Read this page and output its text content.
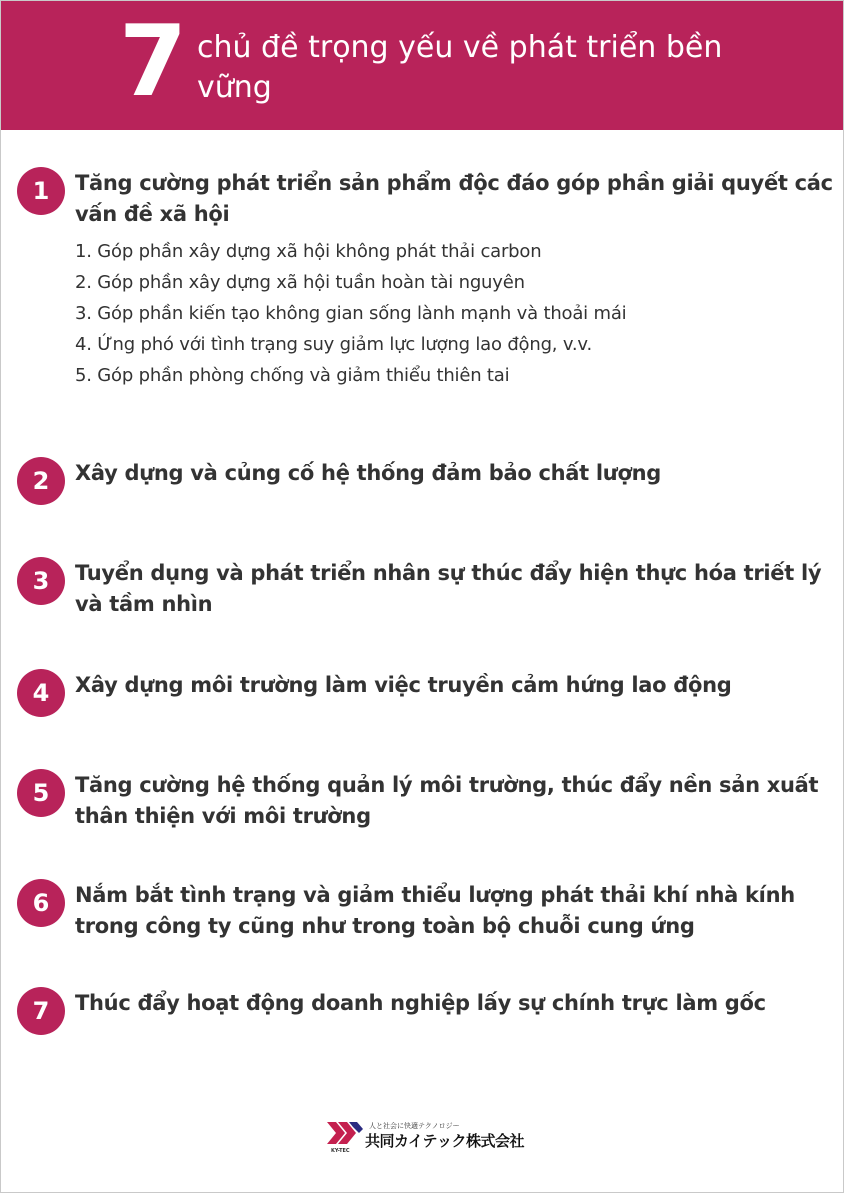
7 chủ đề trọng yếu về phát triển bền vững
1	Tăng cường phát triển sản phẩm độc đáo góp phần giải quyết các vấn đề xã hội
1. Góp phần xây dựng xã hội không phát thải carbon
2. Góp phần xây dựng xã hội tuần hoàn tài nguyên
3. Góp phần kiến tạo không gian sống lành mạnh và thoải mái
4. Ứng phó với tình trạng suy giảm lực lượng lao động, v.v.
5. Góp phần phòng chống và giảm thiểu thiên tai
2	Xây dựng và củng cố hệ thống đảm bảo chất lượng
3	Tuyển dụng và phát triển nhân sự thúc đẩy hiện thực hóa triết lý và tầm nhìn
4	Xây dựng môi trường làm việc truyền cảm hứng lao động
5	Tăng cường hệ thống quản lý môi trường, thúc đẩy nền sản xuất thân thiện với môi trường
6	Nắm bắt tình trạng và giảm thiểu lượng phát thải khí nhà kính trong công ty cũng như trong toàn bộ chuỗi cung ứng
7	Thúc đẩy hoạt động doanh nghiệp lấy sự chính trực làm gốc
人と社会に快適テクノロジー
共同カイテック株式会社
KY-TEC
